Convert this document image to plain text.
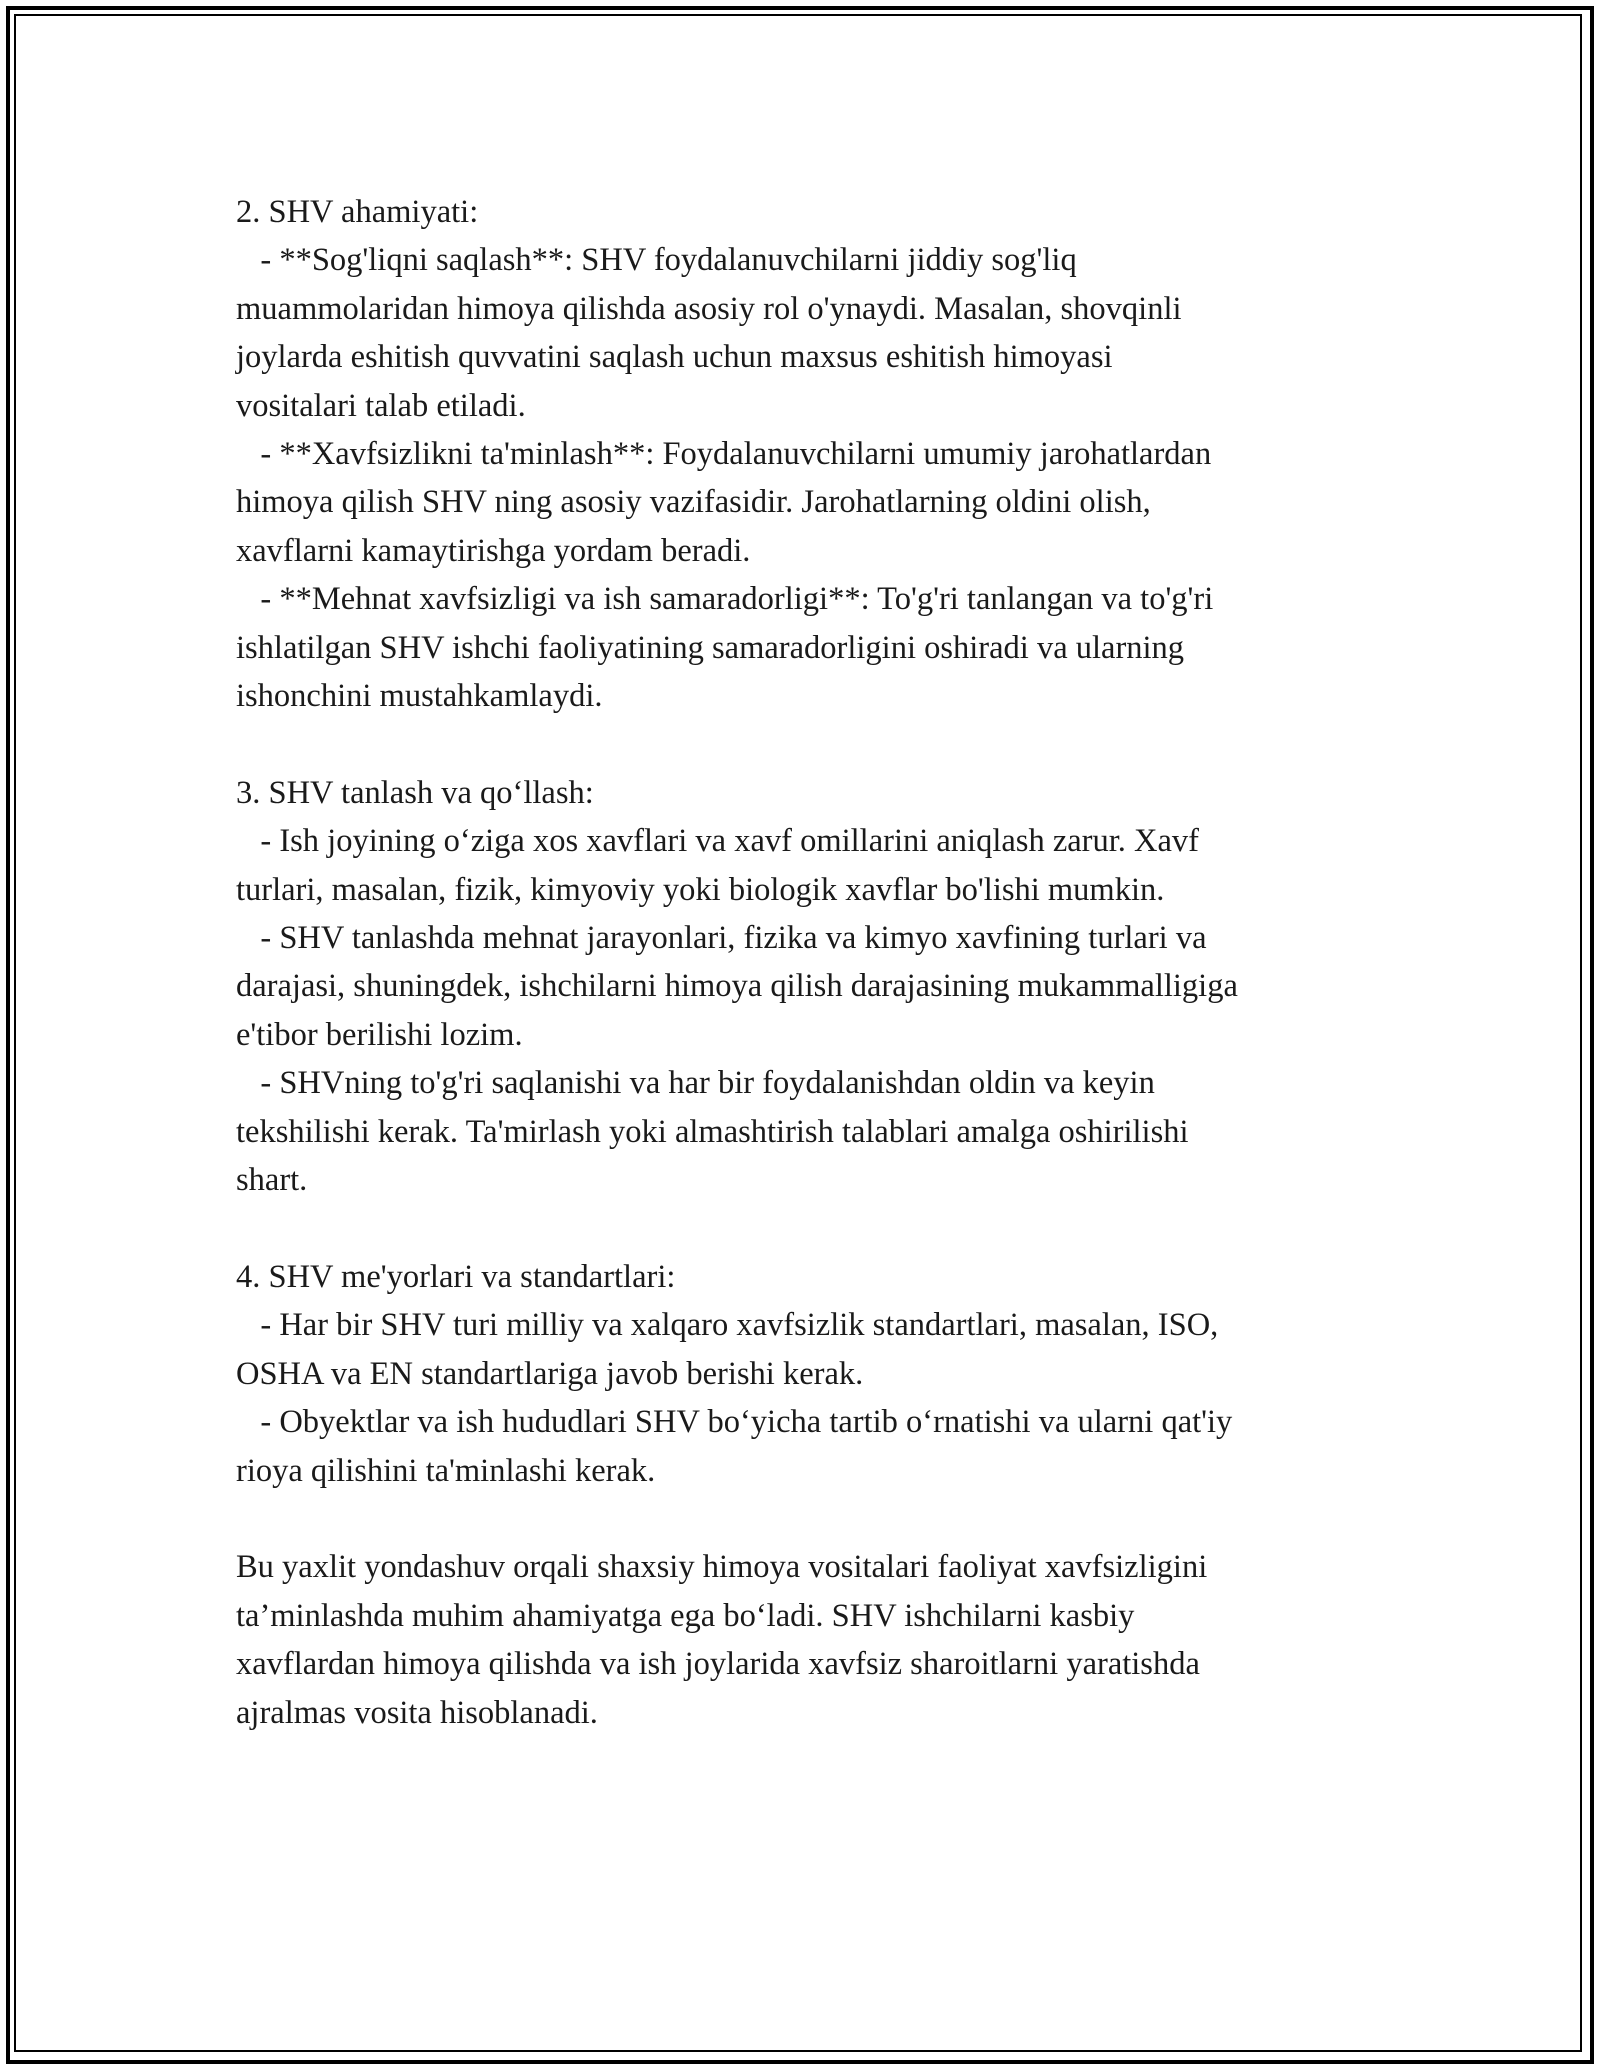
2. SHV ahamiyati:

- **Sog'liqni saqlash**: SHV foydalanuvchilarni jiddiy sog'liq

muammolaridan himoya qilishda asosiy rol o'ynaydi. Masalan, shovqinli

joylarda eshitish quvvatini saqlash uchun maxsus eshitish himoyasi

vositalari talab etiladi.

- **Xavfsizlikni ta'minlash**: Foydalanuvchilarni umumiy jarohatlardan

himoya qilish SHV ning asosiy vazifasidir. Jarohatlarning oldini olish,

xavflarni kamaytirishga yordam beradi.

- **Mehnat xavfsizligi va ish samaradorligi**: To'g'ri tanlangan va to'g'ri

ishlatilgan SHV ishchi faoliyatining samaradorligini oshiradi va ularning

ishonchini mustahkamlaydi.

3. SHV tanlash va qo‘llash:

- Ish joyining o‘ziga xos xavflari va xavf omillarini aniqlash zarur. Xavf

turlari, masalan, fizik, kimyoviy yoki biologik xavflar bo'lishi mumkin.

- SHV tanlashda mehnat jarayonlari, fizika va kimyo xavfining turlari va

darajasi, shuningdek, ishchilarni himoya qilish darajasining mukammalligiga

e'tibor berilishi lozim.

- SHVning to'g'ri saqlanishi va har bir foydalanishdan oldin va keyin

tekshilishi kerak. Ta'mirlash yoki almashtirish talablari amalga oshirilishi

shart.

4. SHV me'yorlari va standartlari:

- Har bir SHV turi milliy va xalqaro xavfsizlik standartlari, masalan, ISO,

OSHA va EN standartlariga javob berishi kerak.

- Obyektlar va ish hududlari SHV bo‘yicha tartib o‘rnatishi va ularni qat'iy

rioya qilishini ta'minlashi kerak.

Bu yaxlit yondashuv orqali shaxsiy himoya vositalari faoliyat xavfsizligini

ta’minlashda muhim ahamiyatga ega bo‘ladi. SHV ishchilarni kasbiy

xavflardan himoya qilishda va ish joylarida xavfsiz sharoitlarni yaratishda

ajralmas vosita hisoblanadi.
